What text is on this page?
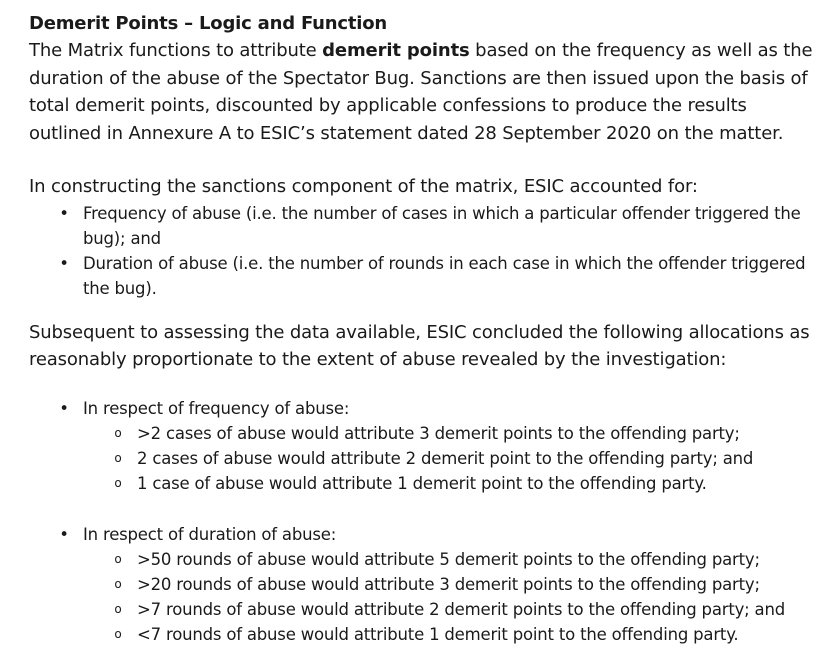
Demerit Points – Logic and Function

The Matrix functions to attribute demerit points based on the frequency as well as the duration of the abuse of the Spectator Bug. Sanctions are then issued upon the basis of total demerit points, discounted by applicable confessions to produce the results outlined in Annexure A to ESIC’s statement dated 28 September 2020 on the matter.

In constructing the sanctions component of the matrix, ESIC accounted for:

• Frequency of abuse (i.e. the number of cases in which a particular offender triggered the bug); and
• Duration of abuse (i.e. the number of rounds in each case in which the offender triggered the bug).

Subsequent to assessing the data available, ESIC concluded the following allocations as reasonably proportionate to the extent of abuse revealed by the investigation:

• In respect of frequency of abuse:
o >2 cases of abuse would attribute 3 demerit points to the offending party;
o 2 cases of abuse would attribute 2 demerit point to the offending party; and
o 1 case of abuse would attribute 1 demerit point to the offending party.
• In respect of duration of abuse:
o >50 rounds of abuse would attribute 5 demerit points to the offending party;
o >20 rounds of abuse would attribute 3 demerit points to the offending party;
o >7 rounds of abuse would attribute 2 demerit points to the offending party; and
o <7 rounds of abuse would attribute 1 demerit point to the offending party.
